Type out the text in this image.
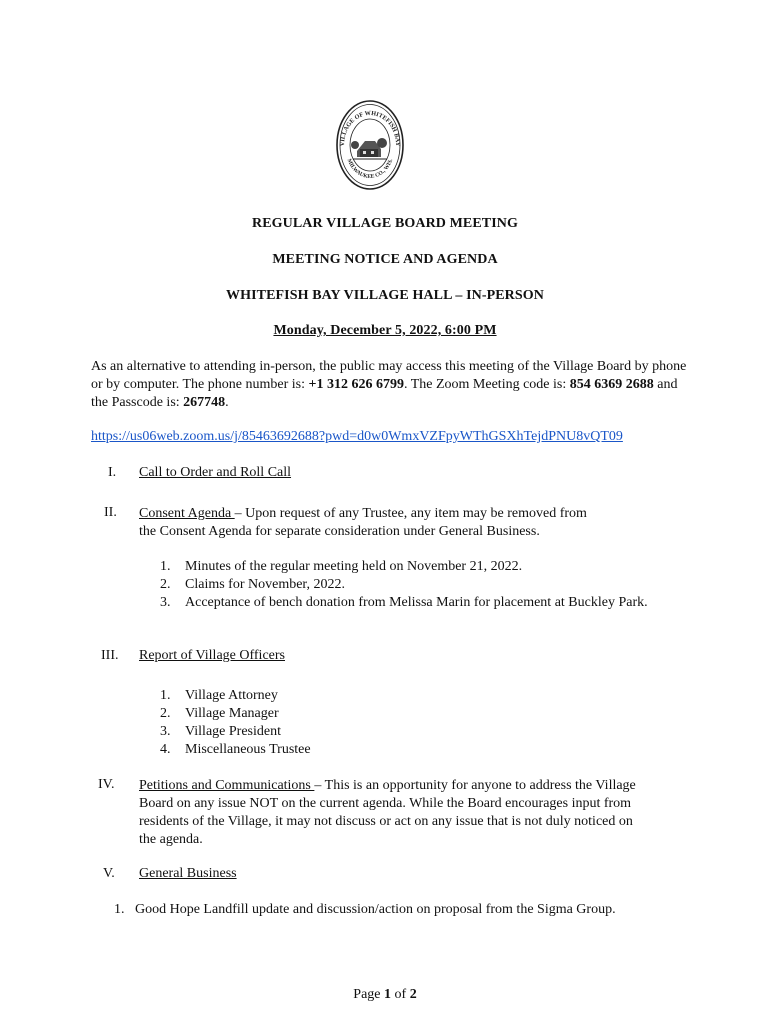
VILLAGE OF WHITEFISH BAY
MILWAUKEE CO., WIS.
REGULAR VILLAGE BOARD MEETING
MEETING NOTICE AND AGENDA
WHITEFISH BAY VILLAGE HALL – IN-PERSON
Monday, December 5, 2022, 6:00 PM
As an alternative to attending in-person, the public may access this meeting of the Village Board by phone or by computer. The phone number is: +1 312 626 6799. The Zoom Meeting code is: 854 6369 2688 and the Passcode is: 267748.
https://us06web.zoom.us/j/85463692688?pwd=d0w0WmxVZFpyWThGSXhTejdPNU8vQT09
I. Call to Order and Roll Call
II. Consent Agenda – Upon request of any Trustee, any item may be removed from
the Consent Agenda for separate consideration under General Business.
1. Minutes of the regular meeting held on November 21, 2022.
2. Claims for November, 2022.
3. Acceptance of bench donation from Melissa Marin for placement at Buckley Park.
III. Report of Village Officers
1. Village Attorney
2. Village Manager
3. Village President
4. Miscellaneous Trustee
IV. Petitions and Communications – This is an opportunity for anyone to address the Village Board on any issue NOT on the current agenda. While the Board encourages input from residents of the Village, it may not discuss or act on any issue that is not duly noticed on the agenda.
V. General Business
1. Good Hope Landfill update and discussion/action on proposal from the Sigma Group.
Page 1 of 2
